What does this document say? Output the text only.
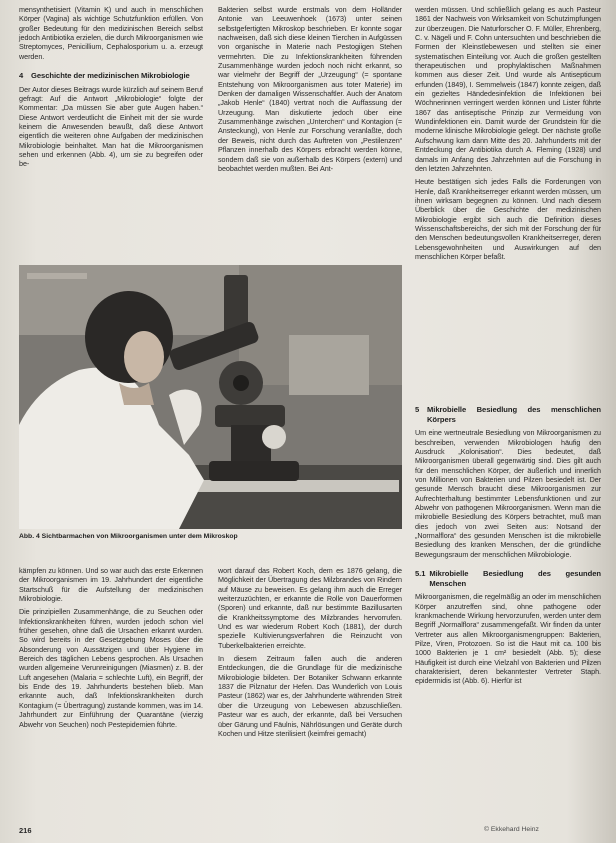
mensynthetisiert (Vitamin K) und auch in menschlichen Körper (Vagina) als wichtige Schutzfunktion erfüllen. Von großer Bedeutung für den medizinischen Bereich selbst jedoch Antibiotika erzielen, die durch Mikroorganismen wie Streptomyces, Penicillium, Cephalosporium u. a. erzeugt werden.

4	Geschichte der medizinischen Mikrobiologie

Der Autor dieses Beitrags wurde kürzlich auf seinem Beruf gefragt: Auf die Antwort „Mikrobiologie“ folgte der Kommentar: „Da müssen Sie aber gute Augen haben.“ Diese Antwort verdeutlicht die Einheit mit der sie wurde keinem die Anwesenden bewußt, daß diese Antwort eigentlich die weiteren ohne Aufgaben der medizinischen Mikrobiologie beinhaltet. Man hat die Mikroorganismen sehen und erkennen (Abb. 4), um sie zu begreifen oder be-

Bakterien selbst wurde erstmals von dem Holländer Antonie van Leeuwenhoek (1673) unter seinen selbstgefertigten Mikroskop beschrieben. Er konnte sogar nachweisen, daß sich diese kleinen Tierchen in Aufgüssen von organische in Materie nach Pestogiigen Stehen vermehrten. Die zu Infektionskrankheiten führenden Zusammenhänge wurden jedoch noch nicht erkannt, so war vielmehr der Begriff der „Urzeugung“ (= spontane Entstehung von Mikroorganismen aus toter Materie) im Denken der damaligen Wissenschaftler. Auch der Anatom „Jakob Henle“ (1840) vertrat noch die Auffassung der Urzeugung. Man diskutierte jedoch über eine Zusammenhänge zwischen „Unterchen“ und Kontagion (= Ansteckung), von Henle zur Forschung veranlaßte, doch der Beweis, nicht durch das Auftreten von „Pestilenzen“ Pflanzen innerhalb des Körpers erbracht werden könne, sondern daß sie von außerhalb des Körpers (extern) und beobachtet werden mußten. Bei Ant-

werden müssen. Und schließlich gelang es auch Pasteur 1861 der Nachweis von Wirksamkeit von Schutzimpfungen zur überzeugen. Die Naturforscher O. F. Müller, Ehrenberg, C. v. Nägeli und F. Cohn untersuchten und beschrieben die Formen der Kleinstlebewesen und stellten sie einer systematischen Einteilung vor. Auch die großen gestellten therapeutischen und prophylaktischen Maßnahmen kommen aus dieser Zeit. Und wurde als Antisepticum erfunden (1849), I. Semmelweis (1847) konnte zeigen, daß ein gezieltes Händedesinfektion die Infektionen bei Wöchnerinnen verringert werden können und Lister führte 1867 das antiseptische Prinzip zur Vermeidung von Wundinfektionen ein. Damit wurde der Grundstein für die moderne klinische Mikrobiologie gelegt. Der nächste große Aufschwung kam dann Mitte des 20. Jahrhunderts mit der Entdeckung der Antibiotika durch A. Fleming (1928) und damals im Anfang des Jahrzehnten auf die Forschung in den letzten Jahrzehnten.

Heute bestätigen sich jedes Falls die Forderungen von Henle, daß Krankheitserreger erkannt werden müssen, um ihnen wirksam begegnen zu können. Und nach diesem Überblick über die Geschichte der medizinischen Mikrobiologie ergibt sich auch die Definition dieses Wissenschaftsbereichs, der sich mit der Forschung der für den Menschen bedeutungsvollen Krankheitserreger, deren Lebensgewohnheiten und Auswirkungen auf den menschlichen Körper befaßt.

Abb. 4 Sichtbarmachen von Mikroorganismen unter dem Mikroskop

kämpfen zu können. Und so war auch das erste Erkennen der Mikroorganismen im 19. Jahrhundert der eigentliche Startschuß für die Aufstellung der medizinischen Mikrobiologie.

Die prinzipiellen Zusammenhänge, die zu Seuchen oder Infektionskrankheiten führen, wurden jedoch schon viel früher gesehen, ohne daß die Ursachen erkannt wurden. So wird bereits in der Gesetzgebung Moses über die Absonderung von Aussätzigen und über Hygiene im Bereich des täglichen Lebens gesprochen. Als Ursachen wurden allgemeine Verunreinigungen (Miasmen) z. B. der Luft angesehen (Malaria = schlechte Luft), ein Begriff, der bis Ende des 19. Jahrhunderts bestehen blieb. Man erkannte auch, daß Infektionskrankheiten durch Kontagium (= Übertragung) zustande kommen, was im 14. Jahrhundert zur Einführung der Quarantäne (vierzig Abwehr von Seuchen) noch Pestepidemien führte.

wort darauf das Robert Koch, dem es 1876 gelang, die Möglichkeit der Übertragung des Milzbrandes von Rindern auf Mäuse zu beweisen. Es gelang ihm auch die Erreger weiterzuzüchten, er erkannte die Rolle von Dauerformen (Sporen) und erkannte, daß nur bestimmte Bazillusarten die Krankheitssymptome des Milzbrandes hervorrufen. Und es war wiederum Robert Koch (1881), der durch spezielle Kultivierungsverfahren die Reinzucht von Tuberkelbakterien erreichte.

In diesem Zeitraum fallen auch die anderen Entdeckungen, die die Grundlage für die medizinische Mikrobiologie bildeten. Der Botaniker Schwann erkannte 1837 die Pilznatur der Hefen. Das Wunderlich von Louis Pasteur (1862) war es, der Jahrhunderte währenden Streit über die Urzeugung von Lebewesen abzuschließen. Pasteur war es auch, der erkannte, daß bei Versuchen über Gärung und Fäulnis, Nährlösungen und Geräte durch Kochen und Hitze sterilisiert (keimfrei gemacht)

5	Mikrobielle Besiedlung des menschlichen Körpers

Um eine wertneutrale Besiedlung von Mikroorganismen zu beschreiben, verwenden Mikrobiologen häufig den Ausdruck „Kolonisation“. Dies bedeutet, daß Mikroorganismen überall gegenwärtig sind. Dies gilt auch für den menschlichen Körper, der äußerlich und innerlich von Millionen von Bakterien und Pilzen besiedelt ist. Der gesunde Mensch braucht diese Mikroorganismen zur Aufrechterhaltung bestimmter Lebensfunktionen und zur Abwehr von pathogenen Mikroorganismen. Wenn man die mikrobielle Besiedlung des Körpers betrachtet, muß man dies jedoch von zwei Seiten aus: Notsand der „Normalflora“ des gesunden Menschen ist die mikrobielle Besiedlung des kranken Menschen, der die gründliche Bewegungsraum der menschlichen Mikrobiologie.

5.1 Mikrobielle Besiedlung des gesunden Menschen

Mikroorganismen, die regelmäßig an oder im menschlichen Körper anzutreffen sind, ohne pathogene oder krankmachende Wirkung hervorzurufen, werden unter dem Begriff „Normalflora“ zusammengefaßt. Wir finden da unter Vertreter aus allen Mikroorganismengruppen: Bakterien, Pilze, Viren, Protozoen. So ist die Haut mit ca. 100 bis 1000 Bakterien je 1 cm² besiedelt (Abb. 5); diese Häufigkeit ist durch eine Vielzahl von Bakterien und Pilzen charakterisiert, deren bekanntester Vertreter Staph. epidermidis ist (Abb. 6). Hierfür ist

216	© Ekkehard Heinz
